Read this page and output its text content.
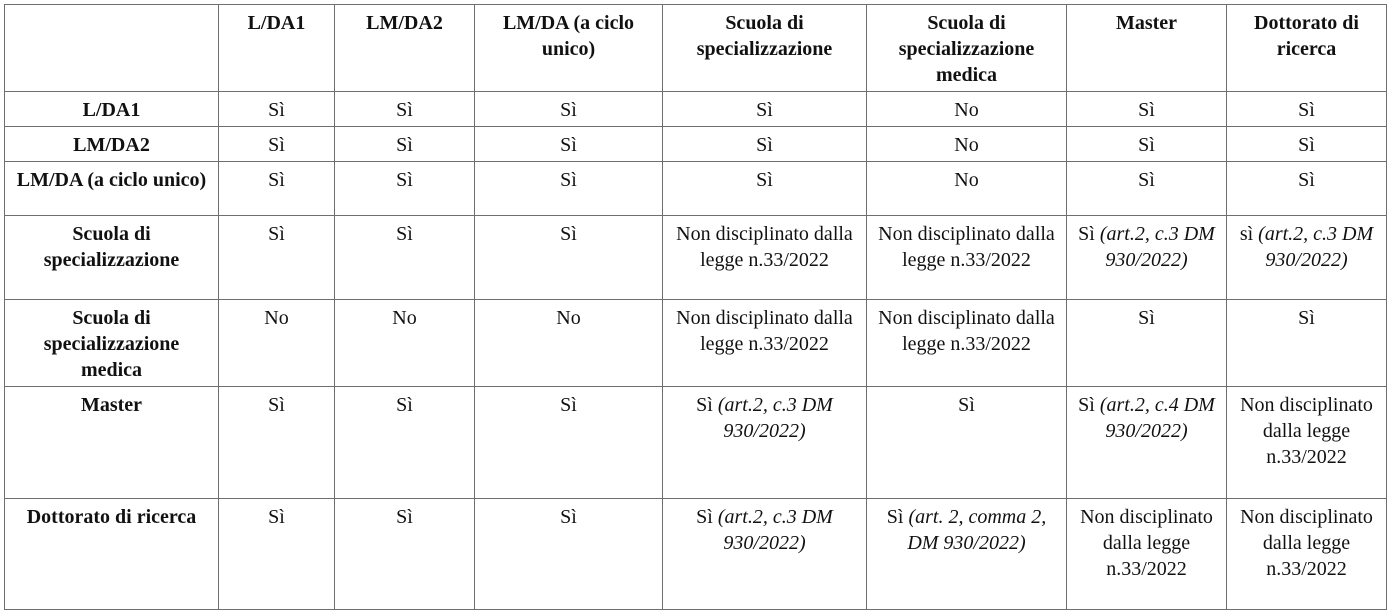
	L/DA1	LM/DA2	LM/DA (a ciclo unico)	Scuola di specializzazione	Scuola di specializzazione medica	Master	Dottorato di ricerca
L/DA1	Sì	Sì	Sì	Sì	No	Sì	Sì
LM/DA2	Sì	Sì	Sì	Sì	No	Sì	Sì
LM/DA (a ciclo unico)	Sì	Sì	Sì	Sì	No	Sì	Sì
Scuola di specializzazione	Sì	Sì	Sì	Non disciplinato dalla legge n.33/2022	Non disciplinato dalla legge n.33/2022	Sì (art.2, c.3 DM 930/2022)	sì (art.2, c.3 DM 930/2022)
Scuola di specializzazione medica	No	No	No	Non disciplinato dalla legge n.33/2022	Non disciplinato dalla legge n.33/2022	Sì	Sì
Master	Sì	Sì	Sì	Sì (art.2, c.3 DM 930/2022)	Sì	Sì (art.2, c.4 DM 930/2022)	Non disciplinato dalla legge n.33/2022
Dottorato di ricerca	Sì	Sì	Sì	Sì (art.2, c.3 DM 930/2022)	Sì (art. 2, comma 2, DM 930/2022)	Non disciplinato dalla legge n.33/2022	Non disciplinato dalla legge n.33/2022
